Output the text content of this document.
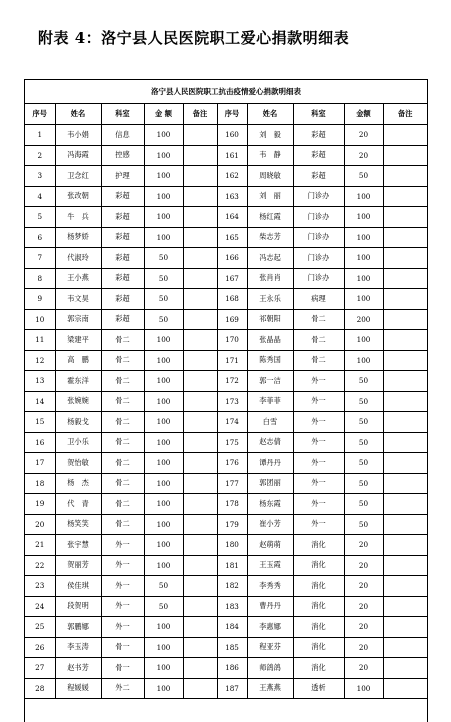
附表 4：洛宁县人民医院职工爱心捐款明细表
洛宁县人民医院职工抗击疫情爱心捐款明细表
序号	姓名	科室	金 额	备注	序号	姓名	科室	金额	备注
1	韦小娟	信息	100		160	刘　毅	彩超	20	
2	冯海霞	控感	100		161	韦　静	彩超	20	
3	卫念红	护理	100		162	周晓敏	彩超	50	
4	张改朝	彩超	100		163	刘　丽	门诊办	100	
5	牛　兵	彩超	100		164	杨红霞	门诊办	100	
6	杨梦娇	彩超	100		165	柴志芳	门诊办	100	
7	代淑玲	彩超	50		166	冯志起	门诊办	100	
8	王小燕	彩超	50		167	张肖肖	门诊办	100	
9	韦文昊	彩超	50		168	王永乐	病理	100	
10	郭宗南	彩超	50		169	祁朝阳	骨二	200	
11	梁建平	骨二	100		170	张晶晶	骨二	100	
12	高　鹏	骨二	100		171	陈秀国	骨二	100	
13	霍东洋	骨二	100		172	郭一洁	外一	50	
14	张婉婉	骨二	100		173	李菲菲	外一	50	
15	杨毅戈	骨二	100		174	白雪	外一	50	
16	卫小乐	骨二	100		175	赵志倩	外一	50	
17	贺怡敏	骨二	100		176	谭丹丹	外一	50	
18	杨　杰	骨二	100		177	郭团丽	外一	50	
19	代　青	骨二	100		178	杨东霞	外一	50	
20	杨笑笑	骨二	100		179	崔小芳	外一	50	
21	张宇慧	外一	100		180	赵萌萌	消化	20	
22	贺丽芳	外一	100		181	王玉霞	消化	20	
23	侯佳琪	外一	50		182	李秀秀	消化	20	
24	段贺明	外一	50		183	曹丹丹	消化	20	
25	郭鹏娜	外一	100		184	李惠娜	消化	20	
26	李玉涛	骨一	100		185	程亚芬	消化	20	
27	赵书芳	骨一	100		186	师鸽鸽	消化	20	
28	程媛媛	外二	100		187	王燕燕	透析	100	
